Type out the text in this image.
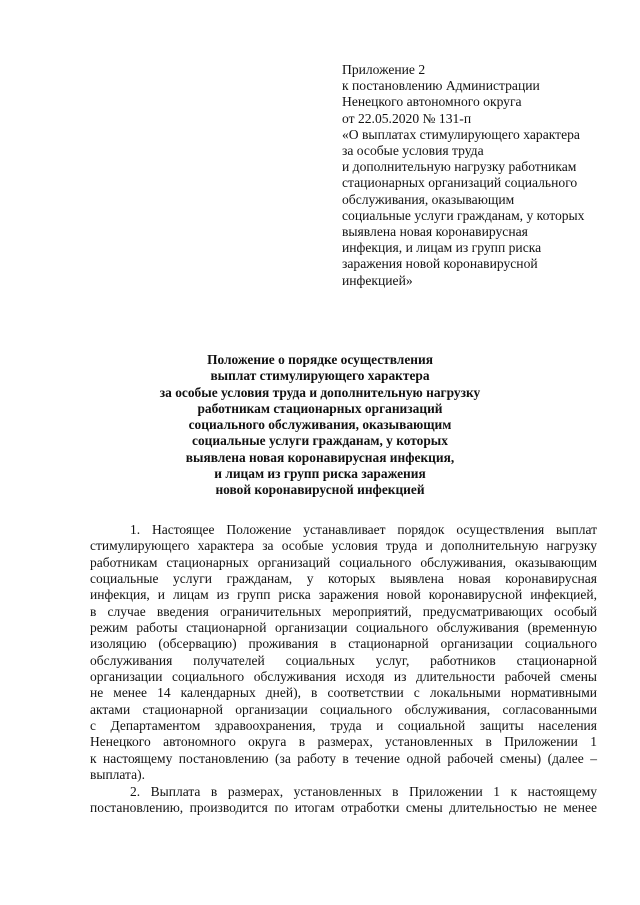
Приложение 2
к постановлению Администрации
Ненецкого автономного округа
от 22.05.2020 № 131-п
«О выплатах стимулирующего характера
за особые условия труда
и дополнительную нагрузку работникам
стационарных организаций социального
обслуживания, оказывающим
социальные услуги гражданам, у которых
выявлена новая коронавирусная
инфекция, и лицам из групп риска
заражения новой коронавирусной
инфекцией»
Положение о порядке осуществления
выплат стимулирующего характера
за особые условия труда и дополнительную нагрузку
работникам стационарных организаций
социального обслуживания, оказывающим
социальные услуги гражданам, у которых
выявлена новая коронавирусная инфекция,
и лицам из групп риска заражения
новой коронавирусной инфекцией
1. Настоящее Положение устанавливает порядок осуществления выплат
стимулирующего характера за особые условия труда и дополнительную нагрузку
работникам стационарных организаций социального обслуживания, оказывающим
социальные услуги гражданам, у которых выявлена новая коронавирусная
инфекция, и лицам из групп риска заражения новой коронавирусной инфекцией,
в случае введения ограничительных мероприятий, предусматривающих особый
режим работы стационарной организации социального обслуживания (временную
изоляцию (обсервацию) проживания в стационарной организации социального
обслуживания получателей социальных услуг, работников стационарной
организации социального обслуживания исходя из длительности рабочей смены
не менее 14 календарных дней), в соответствии с локальными нормативными
актами стационарной организации социального обслуживания, согласованными
с Департаментом здравоохранения, труда и социальной защиты населения
Ненецкого автономного округа в размерах, установленных в Приложении 1
к настоящему постановлению (за работу в течение одной рабочей смены) (далее –
выплата).
2. Выплата в размерах, установленных в Приложении 1 к настоящему
постановлению, производится по итогам отработки смены длительностью не менее
